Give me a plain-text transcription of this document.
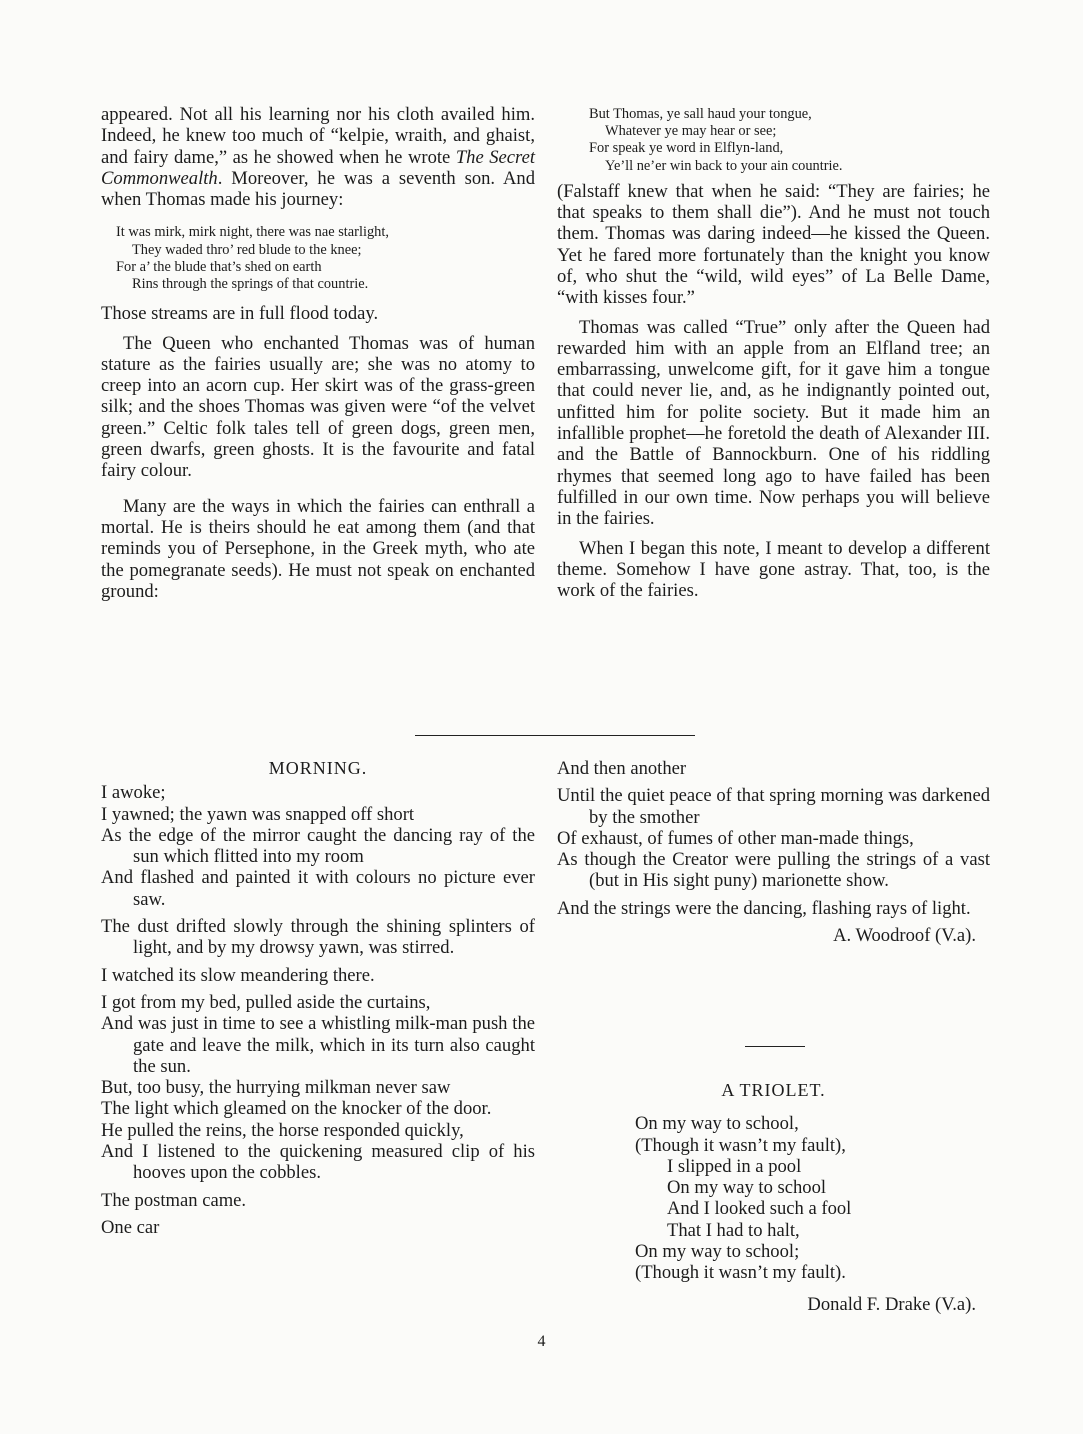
appeared. Not all his learning nor his cloth availed him. Indeed, he knew too much of “kelpie, wraith, and ghaist, and fairy dame,” as he showed when he wrote The Secret Commonwealth. Moreover, he was a seventh son. And when Thomas made his journey:

It was mirk, mirk night, there was nae starlight,
They waded thro’ red blude to the knee;
For a’ the blude that’s shed on earth
Rins through the springs of that countrie.

Those streams are in full flood today.

The Queen who enchanted Thomas was of human stature as the fairies usually are; she was no atomy to creep into an acorn cup. Her skirt was of the grass-green silk; and the shoes Thomas was given were “of the velvet green.” Celtic folk tales tell of green dogs, green men, green dwarfs, green ghosts. It is the favourite and fatal fairy colour.

Many are the ways in which the fairies can enthrall a mortal. He is theirs should he eat among them (and that reminds you of Persephone, in the Greek myth, who ate the pomegranate seeds). He must not speak on enchanted ground:

But Thomas, ye sall haud your tongue,
Whatever ye may hear or see;
For speak ye word in Elflyn-land,
Ye’ll ne’er win back to your ain countrie.

(Falstaff knew that when he said: “They are fairies; he that speaks to them shall die”). And he must not touch them. Thomas was daring indeed—he kissed the Queen. Yet he fared more fortunately than the knight you know of, who shut the “wild, wild eyes” of La Belle Dame, “with kisses four.”

Thomas was called “True” only after the Queen had rewarded him with an apple from an Elfland tree; an embarrassing, unwelcome gift, for it gave him a tongue that could never lie, and, as he indignantly pointed out, unfitted him for polite society. But it made him an infallible prophet—he foretold the death of Alexander III. and the Battle of Bannockburn. One of his riddling rhymes that seemed long ago to have failed has been fulfilled in our own time. Now perhaps you will believe in the fairies.

When I began this note, I meant to develop a different theme. Somehow I have gone astray. That, too, is the work of the fairies.

MORNING.

I awoke;

I yawned; the yawn was snapped off short

As the edge of the mirror caught the dancing ray of the sun which flitted into my room

And flashed and painted it with colours no picture ever saw.

The dust drifted slowly through the shining splinters of light, and by my drowsy yawn, was stirred.

I watched its slow meandering there.

I got from my bed, pulled aside the curtains,

And was just in time to see a whistling milk-man push the gate and leave the milk, which in its turn also caught the sun.

But, too busy, the hurrying milkman never saw

The light which gleamed on the knocker of the door.

He pulled the reins, the horse responded quickly,

And I listened to the quickening measured clip of his hooves upon the cobbles.

The postman came.

One car

And then another

Until the quiet peace of that spring morning was darkened by the smother

Of exhaust, of fumes of other man-made things,

As though the Creator were pulling the strings of a vast (but in His sight puny) marionette show.

And the strings were the dancing, flashing rays of light.

A. Woodroof (V.a).
A TRIOLET.
On my way to school,
(Though it wasn’t my fault),
I slipped in a pool
On my way to school
And I looked such a fool
That I had to halt,
On my way to school;
(Though it wasn’t my fault).
Donald F. Drake (V.a).
4
